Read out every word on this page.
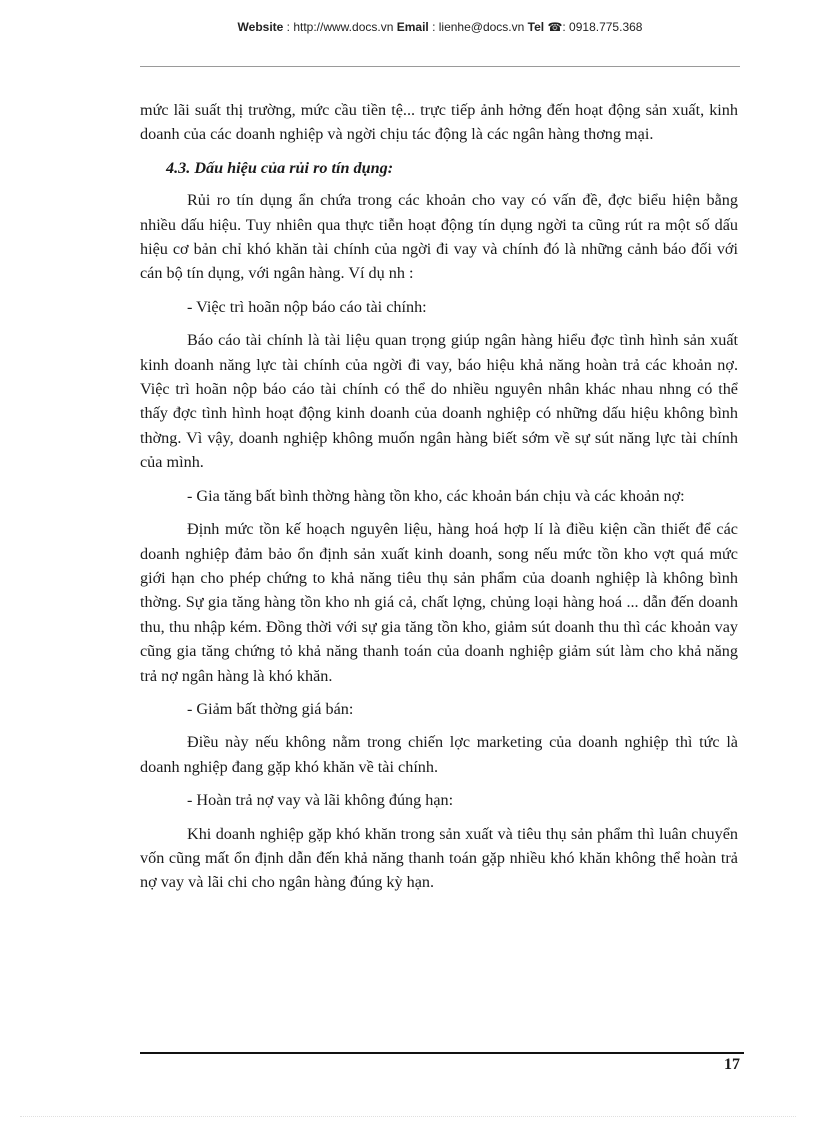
Website : http://www.docs.vn Email : lienhe@docs.vn Tel ☎: 0918.775.368

mức lãi suất thị trường, mức cầu tiền tệ... trực tiếp ảnh hởng đến hoạt động sản xuất, kinh doanh của các doanh nghiệp và ngời chịu tác động là các ngân hàng thơng mại.

4.3. Dấu hiệu của rủi ro tín dụng:

Rủi ro tín dụng ẩn chứa trong các khoản cho vay có vấn đề, đợc biểu hiện bằng nhiều dấu hiệu. Tuy nhiên qua thực tiễn hoạt động tín dụng ngời ta cũng rút ra một số dấu hiệu cơ bản chỉ khó khăn tài chính của ngời đi vay và chính đó là những cảnh báo đối với cán bộ tín dụng, với ngân hàng. Ví dụ nh :

- Việc trì hoãn nộp báo cáo tài chính:

Báo cáo tài chính là tài liệu quan trọng giúp ngân hàng hiểu đợc tình hình sản xuất kinh doanh năng lực tài chính của ngời đi vay, báo hiệu khả năng hoàn trả các khoản nợ. Việc trì hoãn nộp báo cáo tài chính có thể do nhiều nguyên nhân khác nhau nhng có thể thấy đợc tình hình hoạt động kinh doanh của doanh nghiệp có những dấu hiệu không bình thờng. Vì vậy, doanh nghiệp không muốn ngân hàng biết sớm về sự sút năng lực tài chính của mình.

- Gia tăng bất bình thờng hàng tồn kho, các khoản bán chịu và các khoản nợ:

Định mức tồn kế hoạch nguyên liệu, hàng hoá hợp lí là điều kiện cần thiết để các doanh nghiệp đảm bảo ổn định sản xuất kinh doanh, song nếu mức tồn kho vợt quá mức giới hạn cho phép chứng to khả năng tiêu thụ sản phẩm của doanh nghiệp là không bình thờng. Sự gia tăng hàng tồn kho nh giá cả, chất lợng, chủng loại hàng hoá ... dẫn đến doanh thu, thu nhập kém. Đồng thời với sự gia tăng tồn kho, giảm sút doanh thu thì các khoản vay cũng gia tăng chứng tỏ khả năng thanh toán của doanh nghiệp giảm sút làm cho khả năng trả nợ ngân hàng là khó khăn.

- Giảm bất thờng giá bán:

Điều này nếu không nằm trong chiến lợc marketing của doanh nghiệp thì tức là doanh nghiệp đang gặp khó khăn về tài chính.

- Hoàn trả nợ vay và lãi không đúng hạn:

Khi doanh nghiệp gặp khó khăn trong sản xuất và tiêu thụ sản phẩm thì luân chuyển vốn cũng mất ổn định dẫn đến khả năng thanh toán gặp nhiều khó khăn không thể hoàn trả nợ vay và lãi chi cho ngân hàng đúng kỳ hạn.

17
